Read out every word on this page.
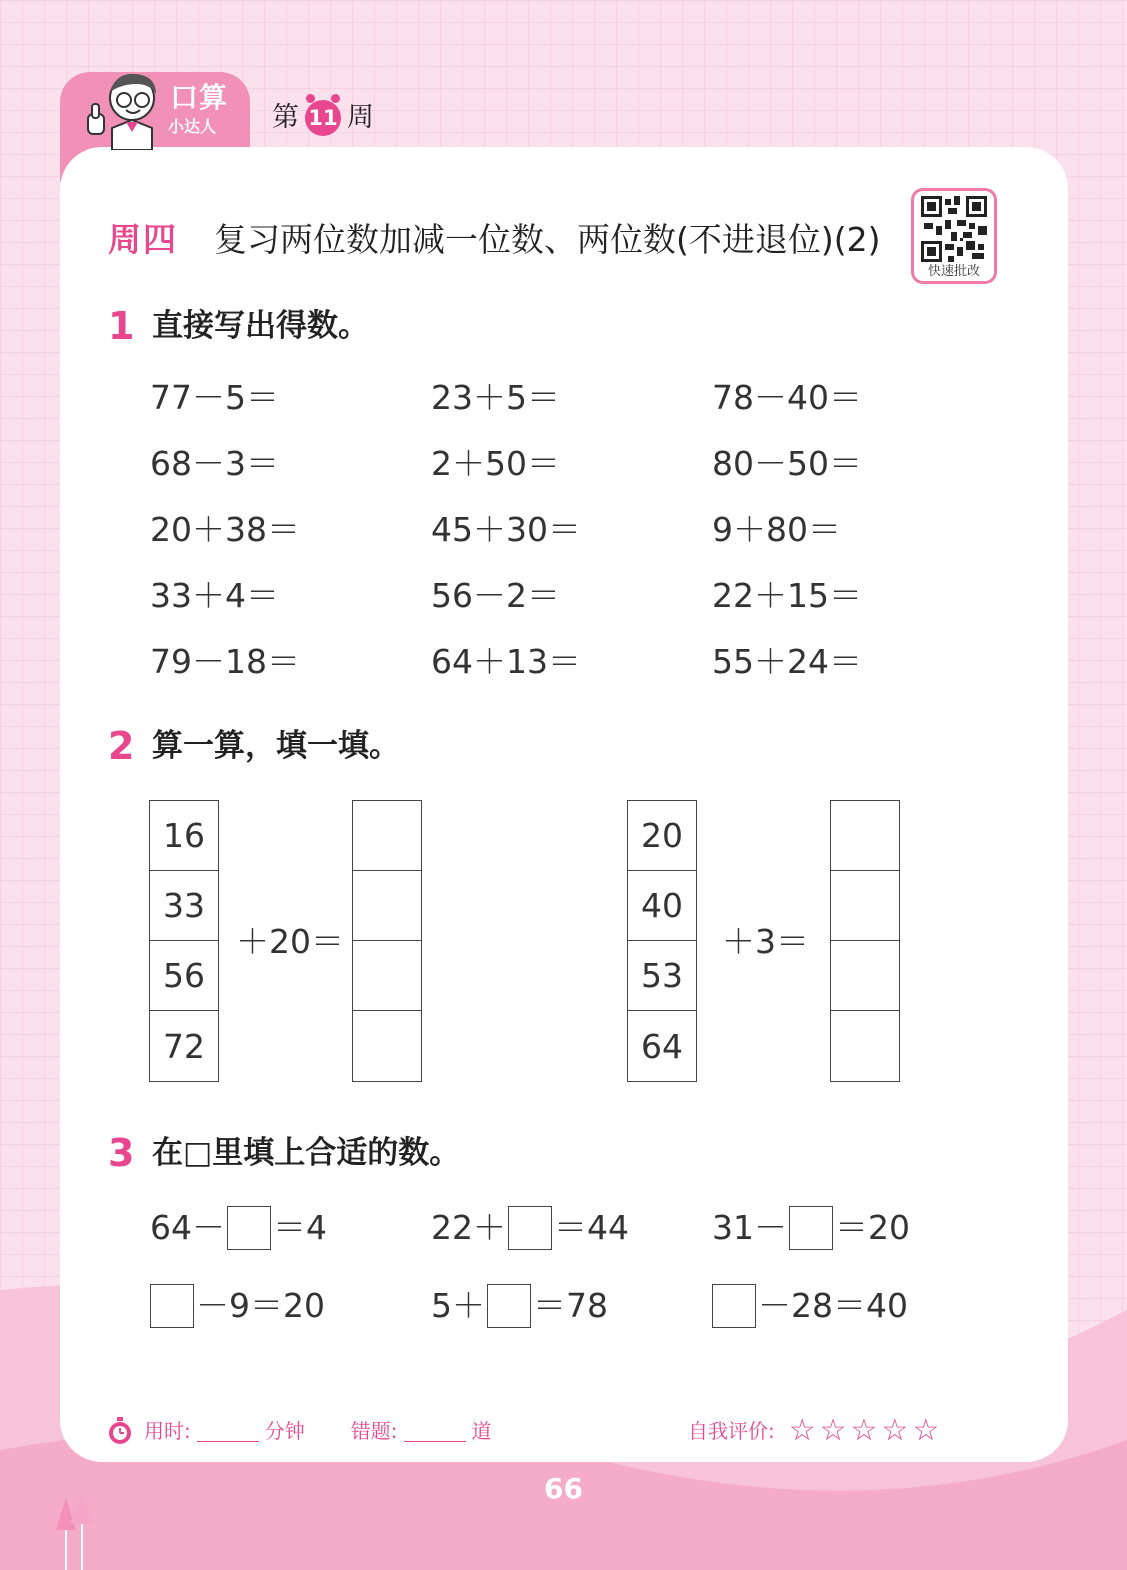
口算
小达人 第 11 周
周四 复习两位数加减一位数、两位数(不进退位)(2)
快速批改
1 直接写出得数。
77－5＝	23＋5＝	78－40＝
68－3＝	2＋50＝	80－50＝
20＋38＝	45＋30＝	9＋80＝
33＋4＝	56－2＝	22＋15＝
79－18＝	64＋13＝	55＋24＝
2 算一算，填一填。
16
33
56
72
＋20＝
20
40
53
64
＋3＝
3 在□里填上合适的数。
64－ ＝4	22＋ ＝44	31－ ＝20
－9＝20	5＋ ＝78	－28＝40
用时:	分钟 错题:	道	自我评价: ☆☆☆☆☆
66
